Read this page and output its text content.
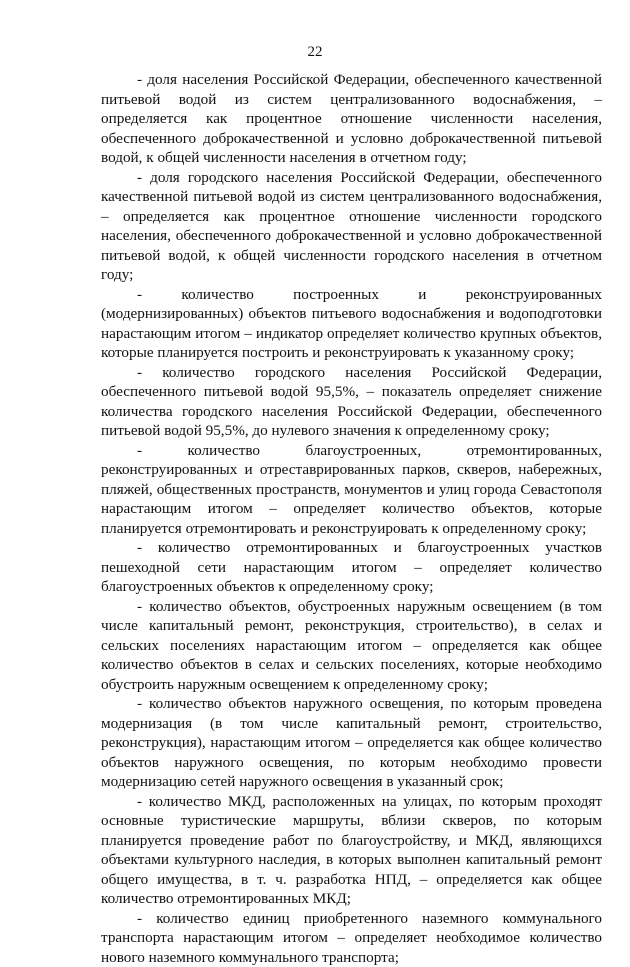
22

- доля населения Российской Федерации, обеспеченного качественной питьевой водой из систем централизованного водоснабжения, – определяется как процентное отношение численности населения, обеспеченного доброкачественной и условно доброкачественной питьевой водой, к общей численности населения в отчетном году;

- доля городского населения Российской Федерации, обеспеченного качественной питьевой водой из систем централизованного водоснабжения, – определяется как процентное отношение численности городского населения, обеспеченного доброкачественной и условно доброкачественной питьевой водой, к общей численности городского населения в отчетном году;

- количество построенных и реконструированных (модернизированных) объектов питьевого водоснабжения и водоподготовки нарастающим итогом – индикатор определяет количество крупных объектов, которые планируется построить и реконструировать к указанному сроку;

- количество городского населения Российской Федерации, обеспеченного питьевой водой 95,5%, – показатель определяет снижение количества городского населения Российской Федерации, обеспеченного питьевой водой 95,5%, до нулевого значения к определенному сроку;

- количество благоустроенных, отремонтированных, реконструированных и отреставрированных парков, скверов, набережных, пляжей, общественных пространств, монументов и улиц города Севастополя нарастающим итогом – определяет количество объектов, которые планируется отремонтировать и реконструировать к определенному сроку;

- количество отремонтированных и благоустроенных участков пешеходной сети нарастающим итогом – определяет количество благоустроенных объектов к определенному сроку;

- количество объектов, обустроенных наружным освещением (в том числе капитальный ремонт, реконструкция, строительство), в селах и сельских поселениях нарастающим итогом – определяется как общее количество объектов в селах и сельских поселениях, которые необходимо обустроить наружным освещением к определенному сроку;

- количество объектов наружного освещения, по которым проведена модернизация (в том числе капитальный ремонт, строительство, реконструкция), нарастающим итогом – определяется как общее количество объектов наружного освещения, по которым необходимо провести модернизацию сетей наружного освещения в указанный срок;

- количество МКД, расположенных на улицах, по которым проходят основные туристические маршруты, вблизи скверов, по которым планируется проведение работ по благоустройству, и МКД, являющихся объектами культурного наследия, в которых выполнен капитальный ремонт общего имущества, в т. ч. разработка НПД, – определяется как общее количество отремонтированных МКД;

- количество единиц приобретенного наземного коммунального транспорта нарастающим итогом – определяет необходимое количество нового наземного коммунального транспорта;
